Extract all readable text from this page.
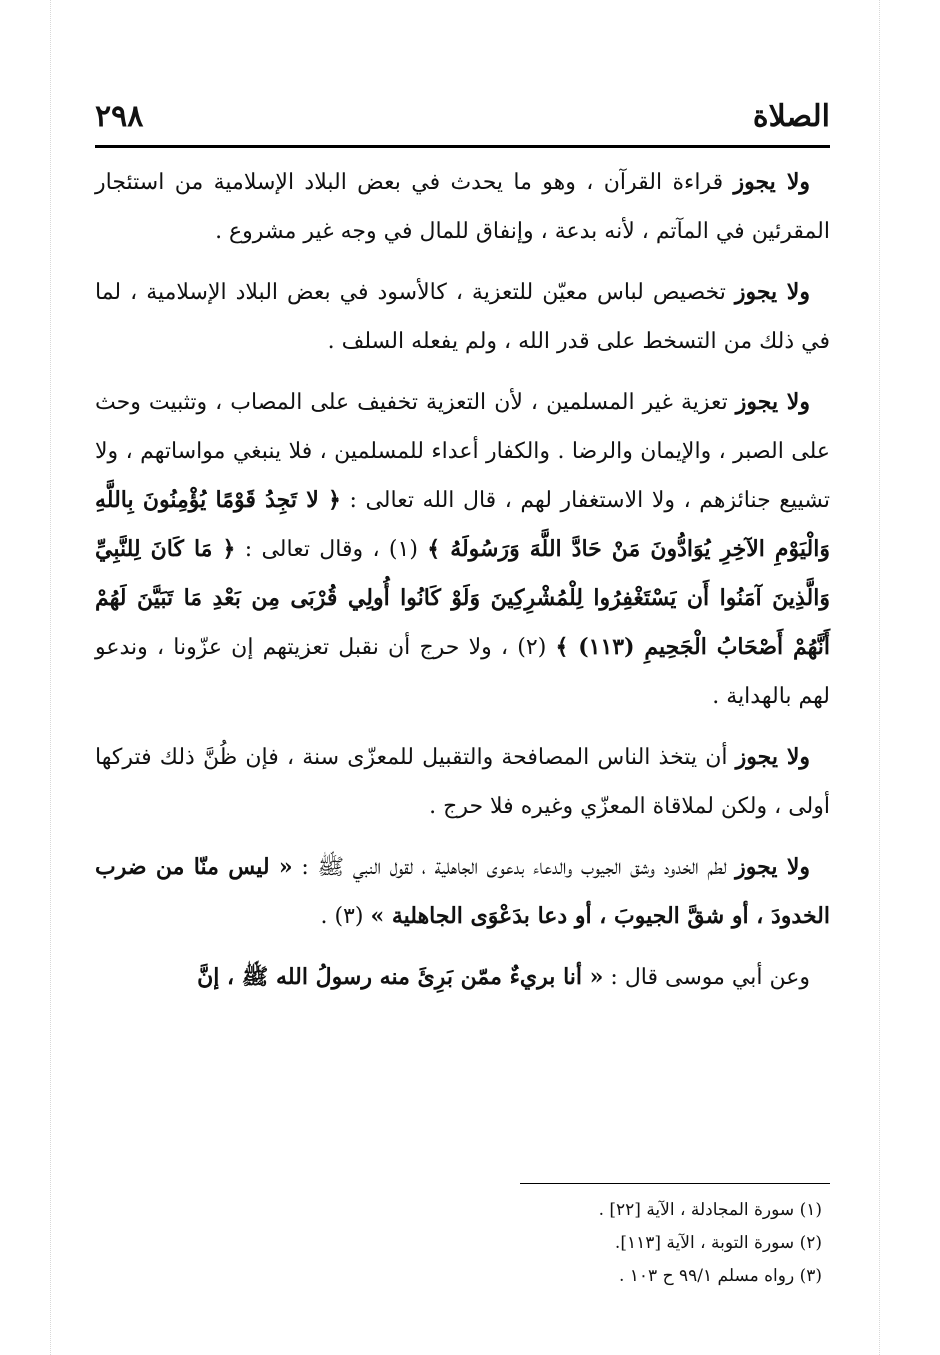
الصلاة
٢٩٨

ولا يجوز قراءة القرآن ، وهو ما يحدث في بعض البلاد الإسلامية من استئجار المقرئين في المآتم ، لأنه بدعة ، وإنفاق للمال في وجه غير مشروع .

ولا يجوز تخصيص لباس معيّن للتعزية ، كالأسود في بعض البلاد الإسلامية ، لما في ذلك من التسخط على قدر الله ، ولم يفعله السلف .

ولا يجوز تعزية غير المسلمين ، لأن التعزية تخفيف على المصاب ، وتثبيت وحث على الصبر ، والإيمان والرضا . والكفار أعداء للمسلمين ، فلا ينبغي مواساتهم ، ولا تشييع جنائزهم ، ولا الاستغفار لهم ، قال الله تعالى : ﴿ لا تَجِدُ قَوْمًا يُؤْمِنُونَ بِاللَّهِ وَالْيَوْمِ الآخِرِ يُوَادُّونَ مَنْ حَادَّ اللَّهَ وَرَسُولَهُ ﴾ (١) ، وقال تعالى : ﴿ مَا كَانَ لِلنَّبِيِّ وَالَّذِينَ آمَنُوا أَن يَسْتَغْفِرُوا لِلْمُشْرِكِينَ وَلَوْ كَانُوا أُولِي قُرْبَى مِن بَعْدِ مَا تَبَيَّنَ لَهُمْ أَنَّهُمْ أَصْحَابُ الْجَحِيمِ (١١٣) ﴾ (٢) ، ولا حرج أن نقبل تعزيتهم إن عزّونا ، وندعو لهم بالهداية .

ولا يجوز أن يتخذ الناس المصافحة والتقبيل للمعزّى سنة ، فإن ظُنَّ ذلك فتركها أولى ، ولكن لملاقاة المعزّي وغيره فلا حرج .

ولا يجوز لطم الخدود وشق الجيوب والدعاء بدعوى الجاهلية ، لقول النبي ﷺ : « ليس منّا من ضرب الخدودَ ، أو شقَّ الجيوبَ ، أو دعا بدَعْوَى الجاهلية » (٣) .

وعن أبي موسى قال : « أنا بريءٌ ممّن بَرِئَ منه رسولُ الله ﷺ ، إنَّ

(١) سورة المجادلة ، الآية [٢٢] .
(٢) سورة التوبة ، الآية [١١٣].
(٣) رواه مسلم ٩٩/١ ح ١٠٣ .
